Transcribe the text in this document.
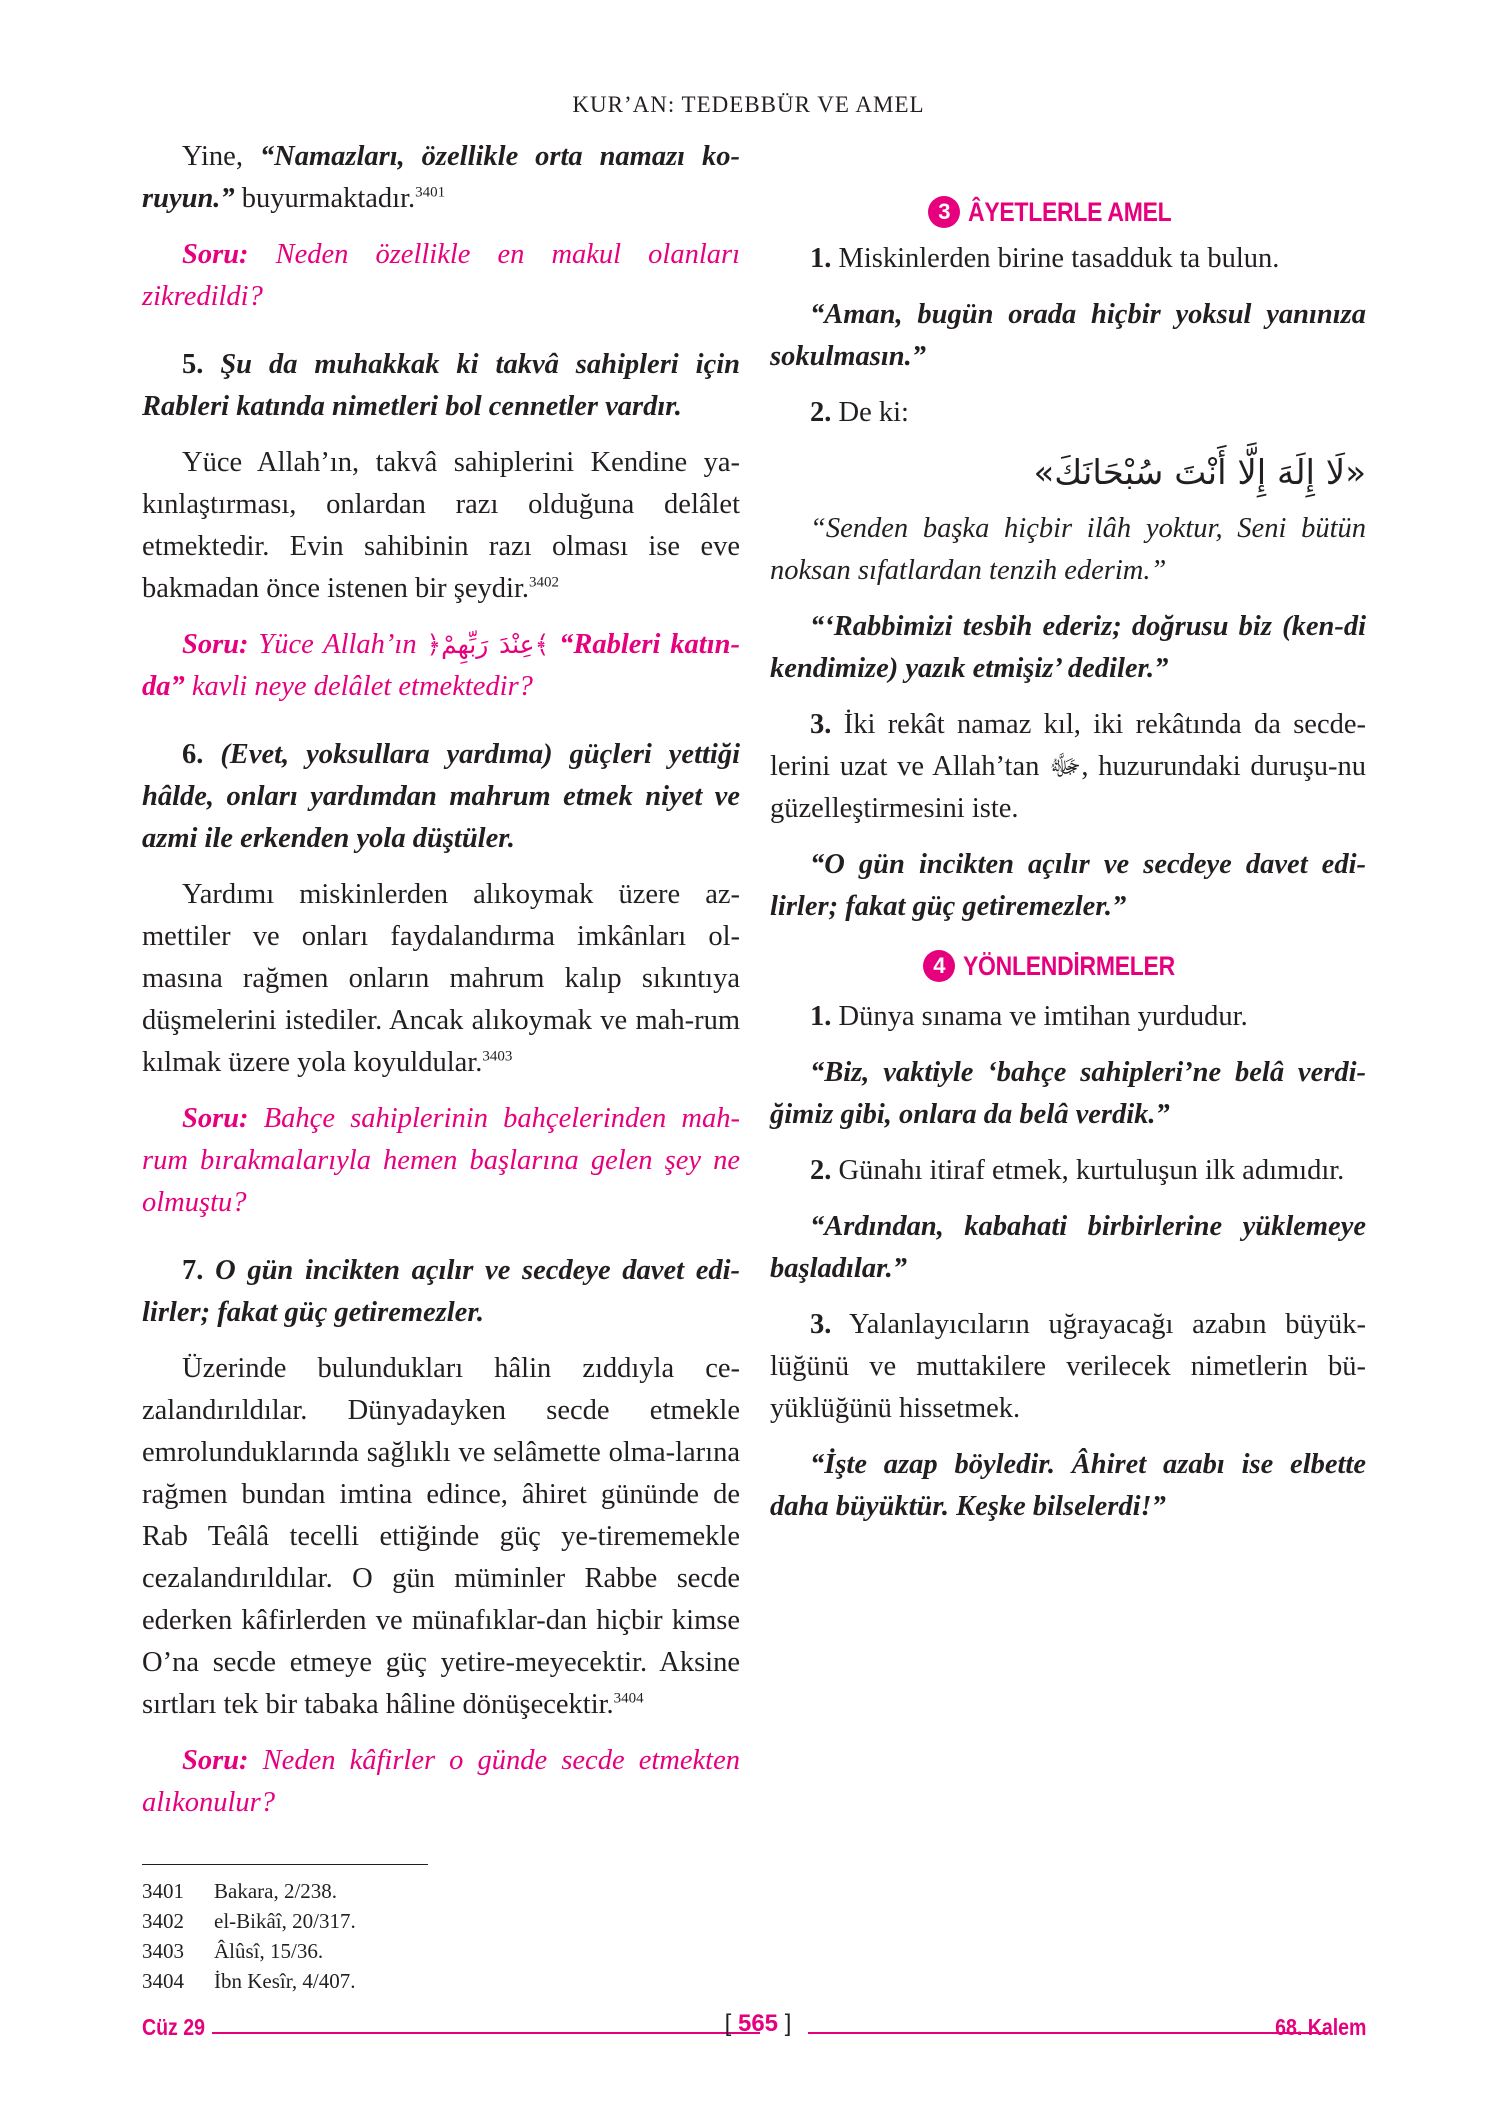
KUR’AN: TEDEBBÜR VE AMEL

Yine, “Namazları, özellikle orta namazı ko-ruyun.” buyurmaktadır.$^{3401}$

Soru: Neden özellikle en makul olanları zikredildi?

5. Şu da muhakkak ki takvâ sahipleri için Rableri katında nimetleri bol cennetler vardır.

Yüce Allah’ın, takvâ sahiplerini Kendine ya-kınlaştırması, onlardan razı olduğuna delâlet etmektedir. Evin sahibinin razı olması ise eve bakmadan önce istenen bir şeydir.$^{3402}$

Soru: Yüce Allah’ın ﴿عِنْدَ رَبِّهِمْ﴾ “Rableri katın-da” kavli neye delâlet etmektedir?

6. (Evet, yoksullara yardıma) güçleri yettiği hâlde, onları yardımdan mahrum etmek niyet ve azmi ile erkenden yola düştüler.

Yardımı miskinlerden alıkoymak üzere az-mettiler ve onları faydalandırma imkânları ol-masına rağmen onların mahrum kalıp sıkıntıya düşmelerini istediler. Ancak alıkoymak ve mah-rum kılmak üzere yola koyuldular.$^{3403}$

Soru: Bahçe sahiplerinin bahçelerinden mah-rum bırakmalarıyla hemen başlarına gelen şey ne olmuştu?

7. O gün incikten açılır ve secdeye davet edi-lirler; fakat güç getiremezler.

Üzerinde bulundukları hâlin zıddıyla ce-zalandırıldılar. Dünyadayken secde etmekle emrolunduklarında sağlıklı ve selâmette olma-larına rağmen bundan imtina edince, âhiret gününde de Rab Teâlâ tecelli ettiğinde güç ye-tirememekle cezalandırıldılar. O gün müminler Rabbe secde ederken kâfirlerden ve münafıklar-dan hiçbir kimse O’na secde etmeye güç yetire-meyecektir. Aksine sırtları tek bir tabaka hâline dönüşecektir.$^{3404}$

Soru: Neden kâfirler o günde secde etmekten alıkonulur?

3 ÂYETLERLE AMEL

1. Miskinlerden birine tasadduk ta bulun.

“Aman, bugün orada hiçbir yoksul yanınıza sokulmasın.”

2. De ki:

«لَا إِلَهَ إِلَّا أَنْتَ سُبْحَانَكَ»

“Senden başka hiçbir ilâh yoktur, Seni bütün noksan sıfatlardan tenzih ederim.”

“‘Rabbimizi tesbih ederiz; doğrusu biz (ken-di kendimize) yazık etmişiz’ dediler.”

3. İki rekât namaz kıl, iki rekâtında da secde-lerini uzat ve Allah’tan ﷻ, huzurundaki duruşu-nu güzelleştirmesini iste.

“O gün incikten açılır ve secdeye davet edi-lirler; fakat güç getiremezler.”

4 YÖNLENDİRMELER

1. Dünya sınama ve imtihan yurdudur.

“Biz, vaktiyle ‘bahçe sahipleri’ne belâ verdi-ğimiz gibi, onlara da belâ verdik.”

2. Günahı itiraf etmek, kurtuluşun ilk adımıdır.

“Ardından, kabahati birbirlerine yüklemeye başladılar.”

3. Yalanlayıcıların uğrayacağı azabın büyük-lüğünü ve muttakilere verilecek nimetlerin bü-yüklüğünü hissetmek.

“İşte azap böyledir. Âhiret azabı ise elbette daha büyüktür. Keşke bilselerdi!”

3401	Bakara, 2/238.
3402	el-Bikâî, 20/317.
3403	Âlûsî, 15/36.
3404	İbn Kesîr, 4/407.
Cüz 29	[ 565 ]	68. Kalem
